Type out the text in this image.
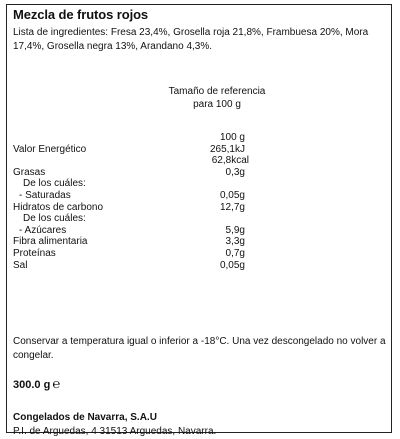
Mezcla de frutos rojos
Lista de ingredientes: Fresa 23,4%, Grosella roja 21,8%, Frambuesa 20%, Mora 17,4%, Grosella negra 13%, Arandano 4,3%.
Tamaño de referencia
para 100 g
100 g
Valor Energético	265,1kJ
62,8kcal
Grasas	0,3g
De los cuáles:
- Saturadas	0,05g
Hidratos de carbono	12,7g
De los cuáles:
- Azúcares	5,9g
Fibra alimentaria	3,3g
Proteínas	0,7g
Sal	0,05g
Conservar a temperatura igual o inferior a -18°C. Una vez descongelado no volver a congelar.
300.0 g ℮
Congelados de Navarra, S.A.U
P.I. de Arguedas, 4 31513 Arguedas, Navarra.
